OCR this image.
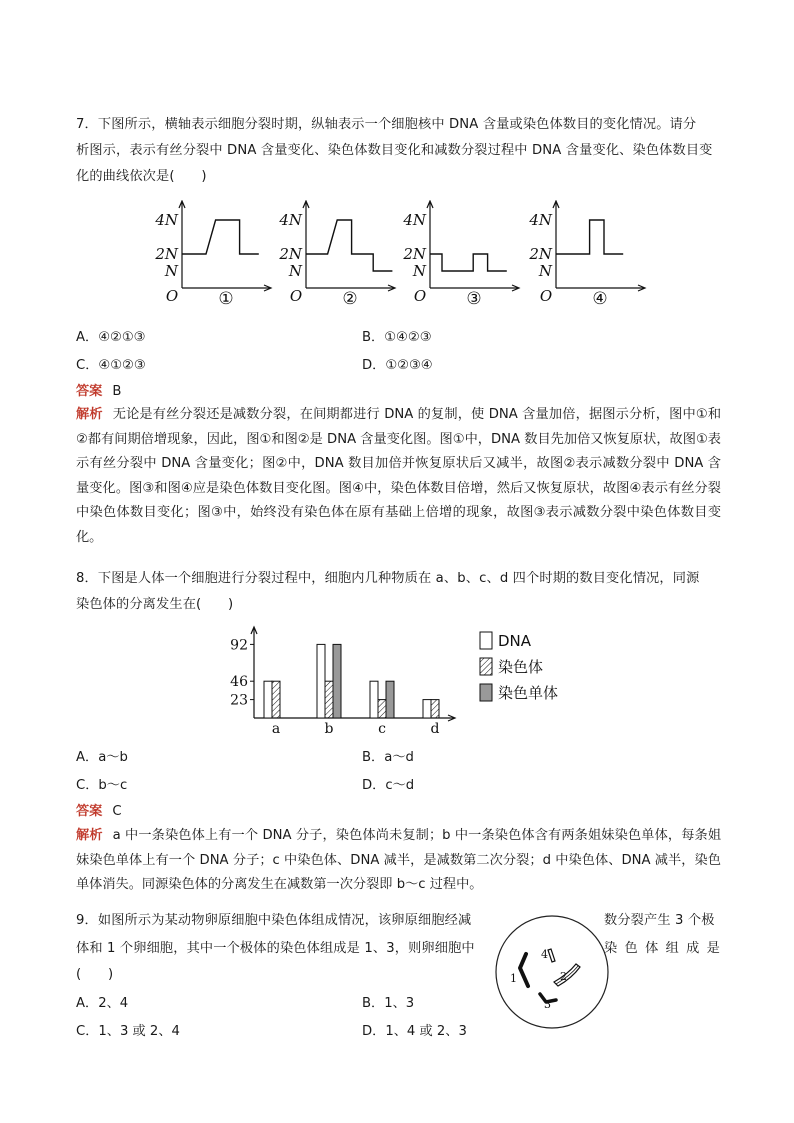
7．下图所示，横轴表示细胞分裂时期，纵轴表示一个细胞核中 DNA 含量或染色体数目的变化情况。请分
析图示，表示有丝分裂中 DNA 含量变化、染色体数目变化和减数分裂过程中 DNA 含量变化、染色体数目变
化的曲线依次是(　　)
4N
2N
N
O ①
4N
2N
N
O ②
4N
2N
N
O ③
4N
2N
N
O ④
A．④②①③	B．①④②③
C．④①②③	D．①②③④
答案 B
解析 无论是有丝分裂还是减数分裂，在间期都进行 DNA 的复制，使 DNA 含量加倍，据图示分析，图中①和②都有间期倍增现象，因此，图①和图②是 DNA 含量变化图。图①中，DNA 数目先加倍又恢复原状，故图①表示有丝分裂中 DNA 含量变化；图②中，DNA 数目加倍并恢复原状后又减半，故图②表示减数分裂中 DNA 含量变化。图③和图④应是染色体数目变化图。图④中，染色体数目倍增，然后又恢复原状，故图④表示有丝分裂中染色体数目变化；图③中，始终没有染色体在原有基础上倍增的现象，故图③表示减数分裂中染色体数目变化。
8．下图是人体一个细胞进行分裂过程中，细胞内几种物质在 a、b、c、d 四个时期的数目变化情况，同源
染色体的分离发生在(　　)
23
46
92
a	b	c	d
DNA
染色体
染色单体
A．a～b	B．a～d
C．b～c	D．c～d
答案 C
解析 a 中一条染色体上有一个 DNA 分子，染色体尚未复制；b 中一条染色体含有两条姐妹染色单体，每条姐妹染色单体上有一个 DNA 分子；c 中染色体、DNA 减半，是减数第二次分裂；d 中染色体、DNA 减半，染色单体消失。同源染色体的分离发生在减数第一次分裂即 b～c 过程中。
9．如图所示为某动物卵原细胞中染色体组成情况，该卵原细胞经减	数分裂产生 3 个极
体和 1 个卵细胞，其中一个极体的染色体组成是 1、3，则卵细胞中	染 色 体 组 成 是
(　　)	1	2
3
4
A．2、4	B．1、3
C．1、3 或 2、4	D．1、4 或 2、3
